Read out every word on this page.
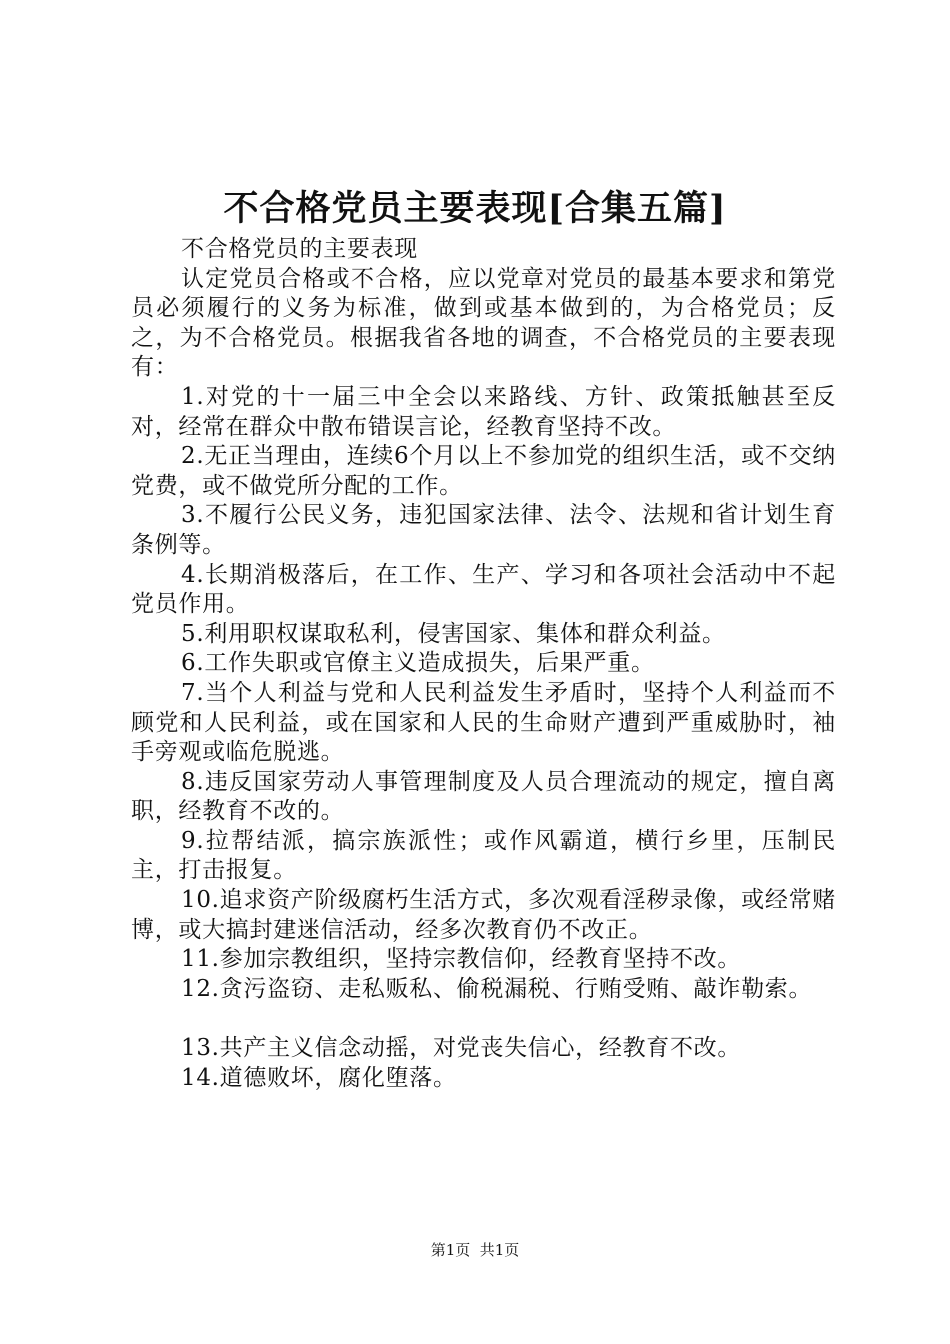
不合格党员主要表现[合集五篇]

不合格党员的主要表现

认定党员合格或不合格，应以党章对党员的最基本要求和第党员必须履行的义务为标准，做到或基本做到的，为合格党员；反之，为不合格党员。根据我省各地的调查，不合格党员的主要表现有：

1.对党的十一届三中全会以来路线、方针、政策抵触甚至反对，经常在群众中散布错误言论，经教育坚持不改。

2.无正当理由，连续6个月以上不参加党的组织生活，或不交纳党费，或不做党所分配的工作。

3.不履行公民义务，违犯国家法律、法令、法规和省计划生育条例等。

4.长期消极落后，在工作、生产、学习和各项社会活动中不起党员作用。

5.利用职权谋取私利，侵害国家、集体和群众利益。

6.工作失职或官僚主义造成损失，后果严重。

7.当个人利益与党和人民利益发生矛盾时，坚持个人利益而不顾党和人民利益，或在国家和人民的生命财产遭到严重威胁时，袖手旁观或临危脱逃。

8.违反国家劳动人事管理制度及人员合理流动的规定，擅自离职，经教育不改的。

9.拉帮结派，搞宗族派性；或作风霸道，横行乡里，压制民主，打击报复。

10.追求资产阶级腐朽生活方式，多次观看淫秽录像，或经常赌博，或大搞封建迷信活动，经多次教育仍不改正。

11.参加宗教组织，坚持宗教信仰，经教育坚持不改。

12.贪污盗窃、走私贩私、偷税漏税、行贿受贿、敲诈勒索。

13.共产主义信念动摇，对党丧失信心，经教育不改。

14.道德败坏，腐化堕落。

第1页  共1页
